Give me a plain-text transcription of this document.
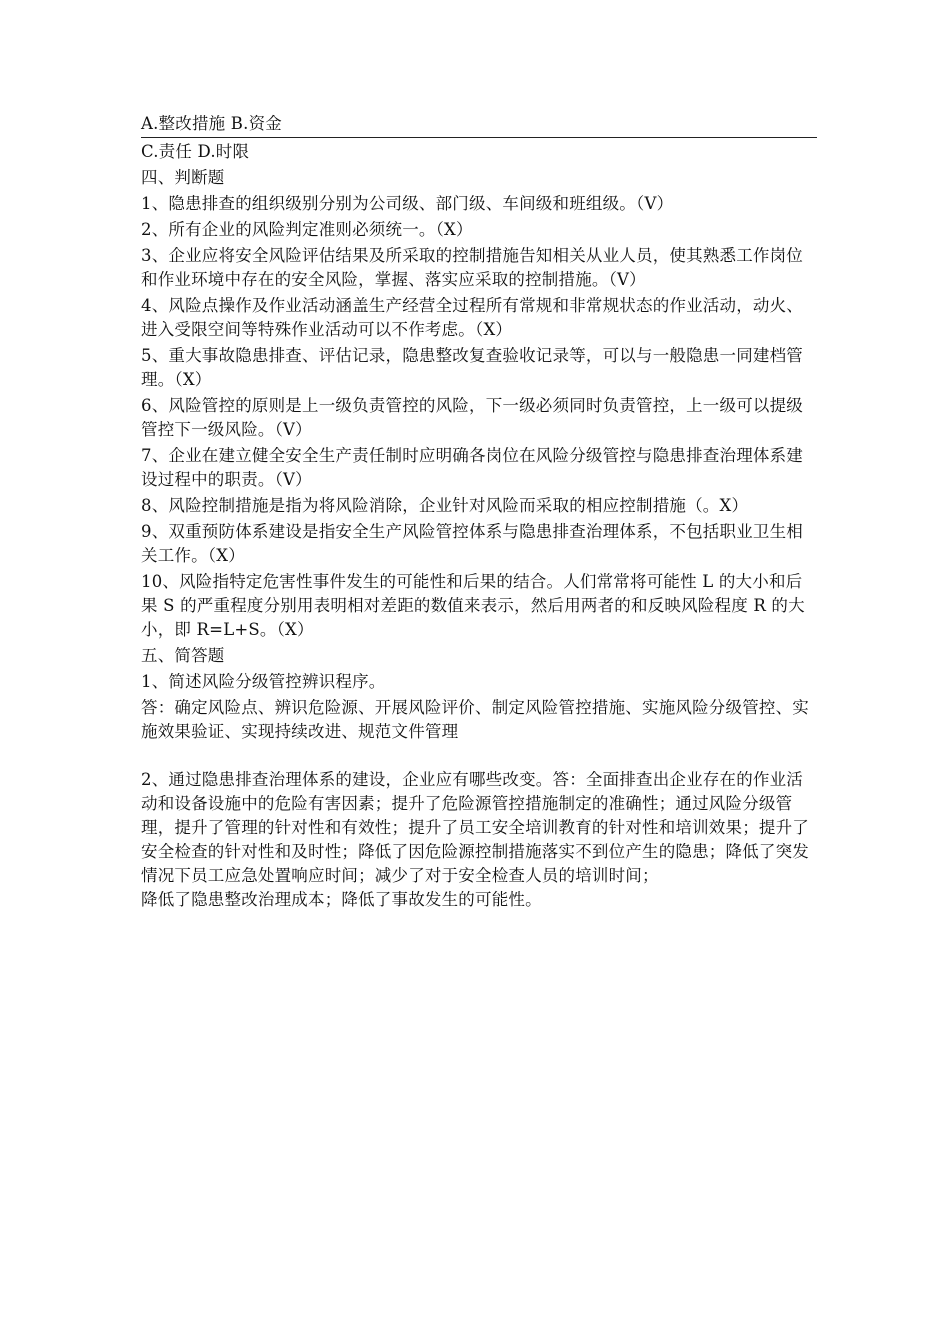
A.整改措施 B.资金

C.责任 D.时限

四、判断题

1、隐患排查的组织级别分别为公司级、部门级、车间级和班组级。（V）

2、所有企业的风险判定准则必须统一。（X）

3、企业应将安全风险评估结果及所采取的控制措施告知相关从业人员，使其熟悉工作岗位和作业环境中存在的安全风险，掌握、落实应采取的控制措施。（V）

4、风险点操作及作业活动涵盖生产经营全过程所有常规和非常规状态的作业活动，动火、进入受限空间等特殊作业活动可以不作考虑。（X）

5、重大事故隐患排查、评估记录，隐患整改复查验收记录等，可以与一般隐患一同建档管理。（X）

6、风险管控的原则是上一级负责管控的风险，下一级必须同时负责管控，上一级可以提级管控下一级风险。（V）

7、企业在建立健全安全生产责任制时应明确各岗位在风险分级管控与隐患排查治理体系建设过程中的职责。（V）

8、风险控制措施是指为将风险消除，企业针对风险而采取的相应控制措施（。X）

9、双重预防体系建设是指安全生产风险管控体系与隐患排查治理体系，不包括职业卫生相关工作。（X）

10、风险指特定危害性事件发生的可能性和后果的结合。人们常常将可能性 L 的大小和后果 S 的严重程度分别用表明相对差距的数值来表示，然后用两者的和反映风险程度 R 的大小，即 R=L+S。（X）

五、简答题

1、简述风险分级管控辨识程序。

答：确定风险点、辨识危险源、开展风险评价、制定风险管控措施、实施风险分级管控、实施效果验证、实现持续改进、规范文件管理

2、通过隐患排查治理体系的建设，企业应有哪些改变。答：全面排查出企业存在的作业活动和设备设施中的危险有害因素；提升了危险源管控措施制定的准确性；通过风险分级管理，提升了管理的针对性和有效性；提升了员工安全培训教育的针对性和培训效果；提升了安全检查的针对性和及时性；降低了因危险源控制措施落实不到位产生的隐患；降低了突发情况下员工应急处置响应时间；减少了对于安全检查人员的培训时间；

降低了隐患整改治理成本；降低了事故发生的可能性。
